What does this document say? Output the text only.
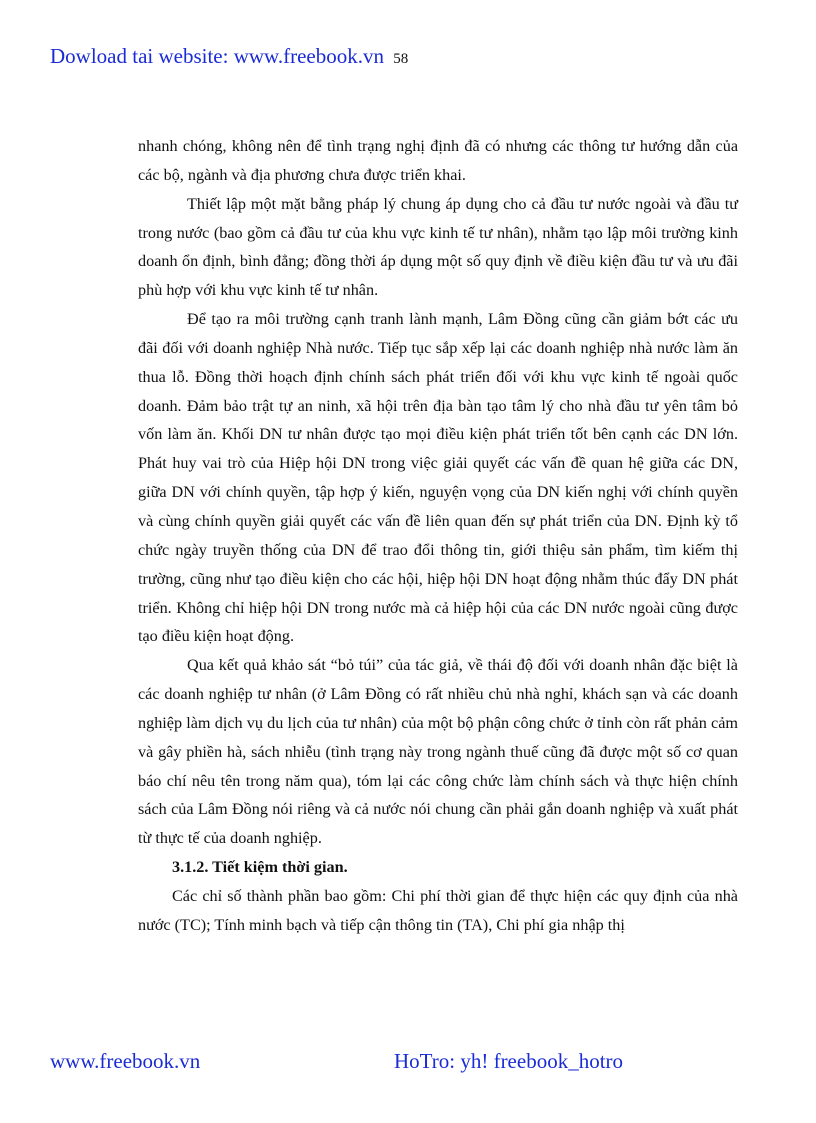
Dowload tai website: www.freebook.vn 58

nhanh chóng, không nên để tình trạng nghị định đã có nhưng các thông tư hướng dẫn của các bộ, ngành và địa phương chưa được triển khai.

Thiết lập một mặt bằng pháp lý chung áp dụng cho cả đầu tư nước ngoài và đầu tư trong nước (bao gồm cả đầu tư của khu vực kinh tế tư nhân), nhằm tạo lập môi trường kinh doanh ổn định, bình đẳng; đồng thời áp dụng một số quy định về điều kiện đầu tư và ưu đãi phù hợp với khu vực kinh tế tư nhân.

Để tạo ra môi trường cạnh tranh lành mạnh, Lâm Đồng cũng cần giảm bớt các ưu đãi đối với doanh nghiệp Nhà nước. Tiếp tục sắp xếp lại các doanh nghiệp nhà nước làm ăn thua lỗ. Đồng thời hoạch định chính sách phát triển đối với khu vực kinh tế ngoài quốc doanh. Đảm bảo trật tự an ninh, xã hội trên địa bàn tạo tâm lý cho nhà đầu tư yên tâm bỏ vốn làm ăn. Khối DN tư nhân được tạo mọi điều kiện phát triển tốt bên cạnh các DN lớn. Phát huy vai trò của Hiệp hội DN trong việc giải quyết các vấn đề quan hệ giữa các DN, giữa DN với chính quyền, tập hợp ý kiến, nguyện vọng của DN kiến nghị với chính quyền và cùng chính quyền giải quyết các vấn đề liên quan đến sự phát triển của DN. Định kỳ tổ chức ngày truyền thống của DN để trao đổi thông tin, giới thiệu sản phẩm, tìm kiếm thị trường, cũng như tạo điều kiện cho các hội, hiệp hội DN hoạt động nhằm thúc đẩy DN phát triển. Không chỉ hiệp hội DN trong nước mà cả hiệp hội của các DN nước ngoài cũng được tạo điều kiện hoạt động.

Qua kết quả khảo sát “bỏ túi” của tác giả, về thái độ đối với doanh nhân đặc biệt là các doanh nghiệp tư nhân (ở Lâm Đồng có rất nhiều chủ nhà nghỉ, khách sạn và các doanh nghiệp làm dịch vụ du lịch của tư nhân) của một bộ phận công chức ở tỉnh còn rất phản cảm và gây phiền hà, sách nhiễu (tình trạng này trong ngành thuế cũng đã được một số cơ quan báo chí nêu tên trong năm qua), tóm lại các công chức làm chính sách và thực hiện chính sách của Lâm Đồng nói riêng và cả nước nói chung cần phải gắn doanh nghiệp và xuất phát từ thực tế của doanh nghiệp.

3.1.2. Tiết kiệm thời gian.

Các chỉ số thành phần bao gồm: Chi phí thời gian để thực hiện các quy định của nhà nước (TC); Tính minh bạch và tiếp cận thông tin (TA), Chi phí gia nhập thị

www.freebook.vn	HoTro: yh! freebook_hotro
